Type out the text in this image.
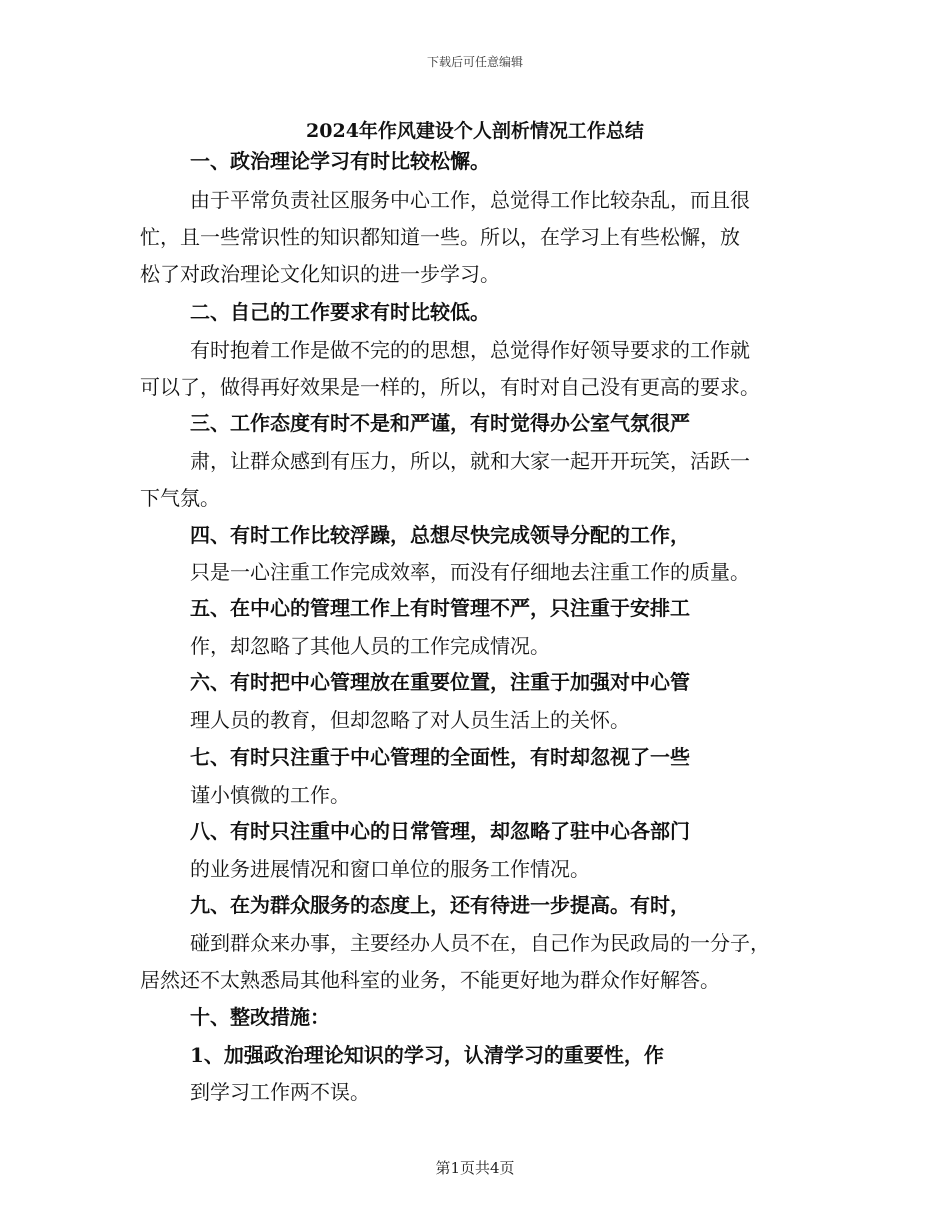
下载后可任意编辑
2024年作风建设个人剖析情况工作总结
一、政治理论学习有时比较松懈。
由于平常负责社区服务中心工作，总觉得工作比较杂乱，而且很
忙，且一些常识性的知识都知道一些。所以，在学习上有些松懈，放
松了对政治理论文化知识的进一步学习。
二、自己的工作要求有时比较低。
有时抱着工作是做不完的的思想，总觉得作好领导要求的工作就
可以了，做得再好效果是一样的，所以，有时对自己没有更高的要求。
三、工作态度有时不是和严谨，有时觉得办公室气氛很严
肃，让群众感到有压力，所以，就和大家一起开开玩笑，活跃一
下气氛。
四、有时工作比较浮躁，总想尽快完成领导分配的工作，
只是一心注重工作完成效率，而没有仔细地去注重工作的质量。
五、在中心的管理工作上有时管理不严，只注重于安排工
作，却忽略了其他人员的工作完成情况。
六、有时把中心管理放在重要位置，注重于加强对中心管
理人员的教育，但却忽略了对人员生活上的关怀。
七、有时只注重于中心管理的全面性，有时却忽视了一些
谨小慎微的工作。
八、有时只注重中心的日常管理，却忽略了驻中心各部门
的业务进展情况和窗口单位的服务工作情况。
九、在为群众服务的态度上，还有待进一步提高。有时，
碰到群众来办事，主要经办人员不在，自己作为民政局的一分子，
居然还不太熟悉局其他科室的业务，不能更好地为群众作好解答。
十、整改措施：
1、加强政治理论知识的学习，认清学习的重要性，作
到学习工作两不误。
第1页共4页
